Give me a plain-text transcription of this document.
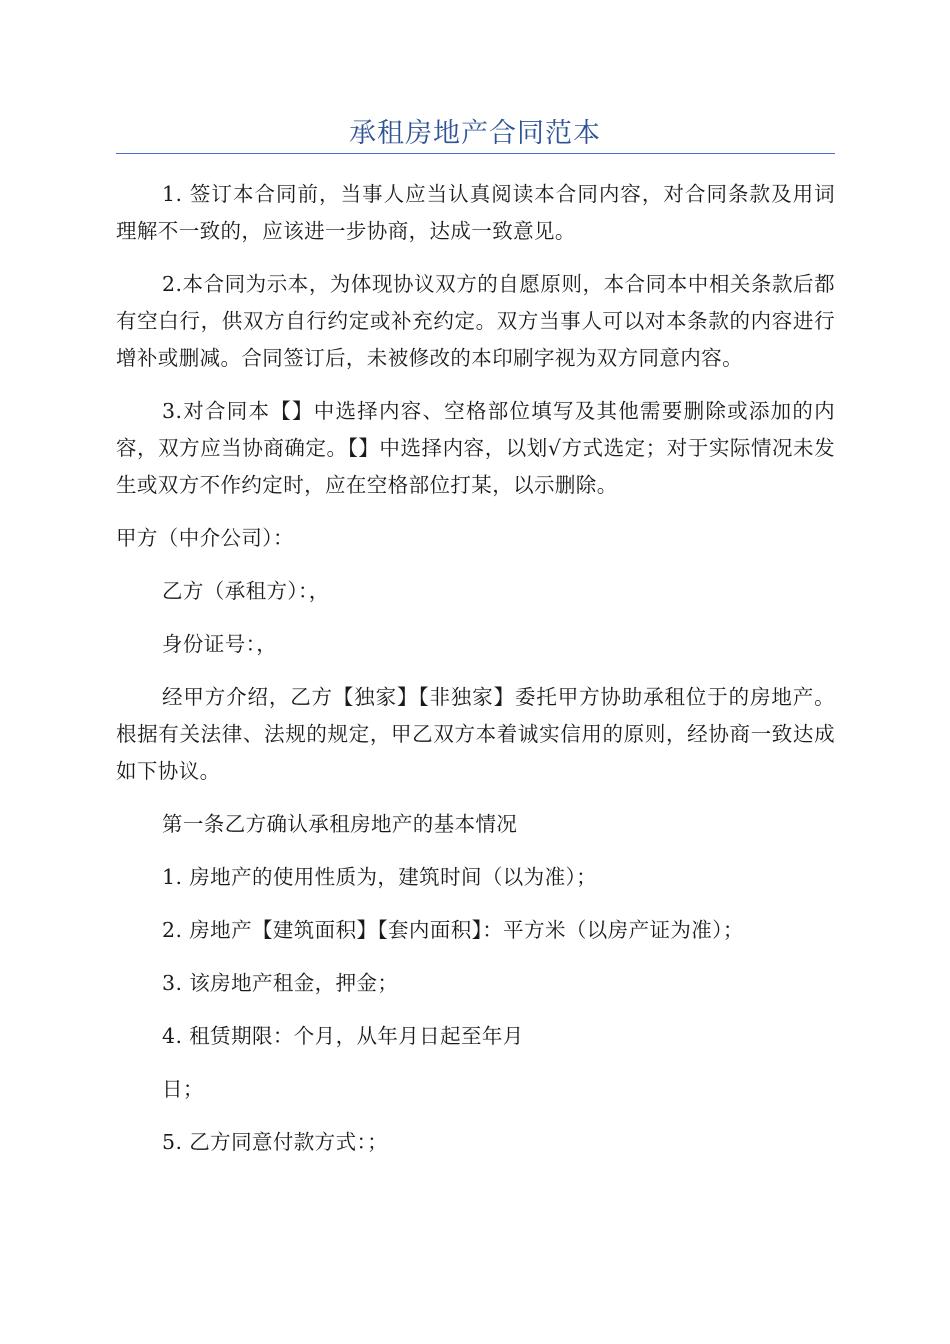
承租房地产合同范本

1. 签订本合同前，当事人应当认真阅读本合同内容，对合同条款及用词理解不一致的，应该进一步协商，达成一致意见。

2.本合同为示本，为体现协议双方的自愿原则，本合同本中相关条款后都有空白行，供双方自行约定或补充约定。双方当事人可以对本条款的内容进行增补或删减。合同签订后，未被修改的本印刷字视为双方同意内容。

3.对合同本【】中选择内容、空格部位填写及其他需要删除或添加的内容，双方应当协商确定。【】中选择内容，以划√方式选定；对于实际情况未发生或双方不作约定时，应在空格部位打某，以示删除。

甲方（中介公司）：

乙方（承租方）：，

身份证号：，

经甲方介绍，乙方【独家】【非独家】委托甲方协助承租位于的房地产。根据有关法律、法规的规定，甲乙双方本着诚实信用的原则，经协商一致达成如下协议。

第一条乙方确认承租房地产的基本情况

1. 房地产的使用性质为，建筑时间（以为准）；

2. 房地产【建筑面积】【套内面积】：平方米（以房产证为准）；

3. 该房地产租金，押金；

4. 租赁期限：个月，从年月日起至年月

日；

5. 乙方同意付款方式：；
